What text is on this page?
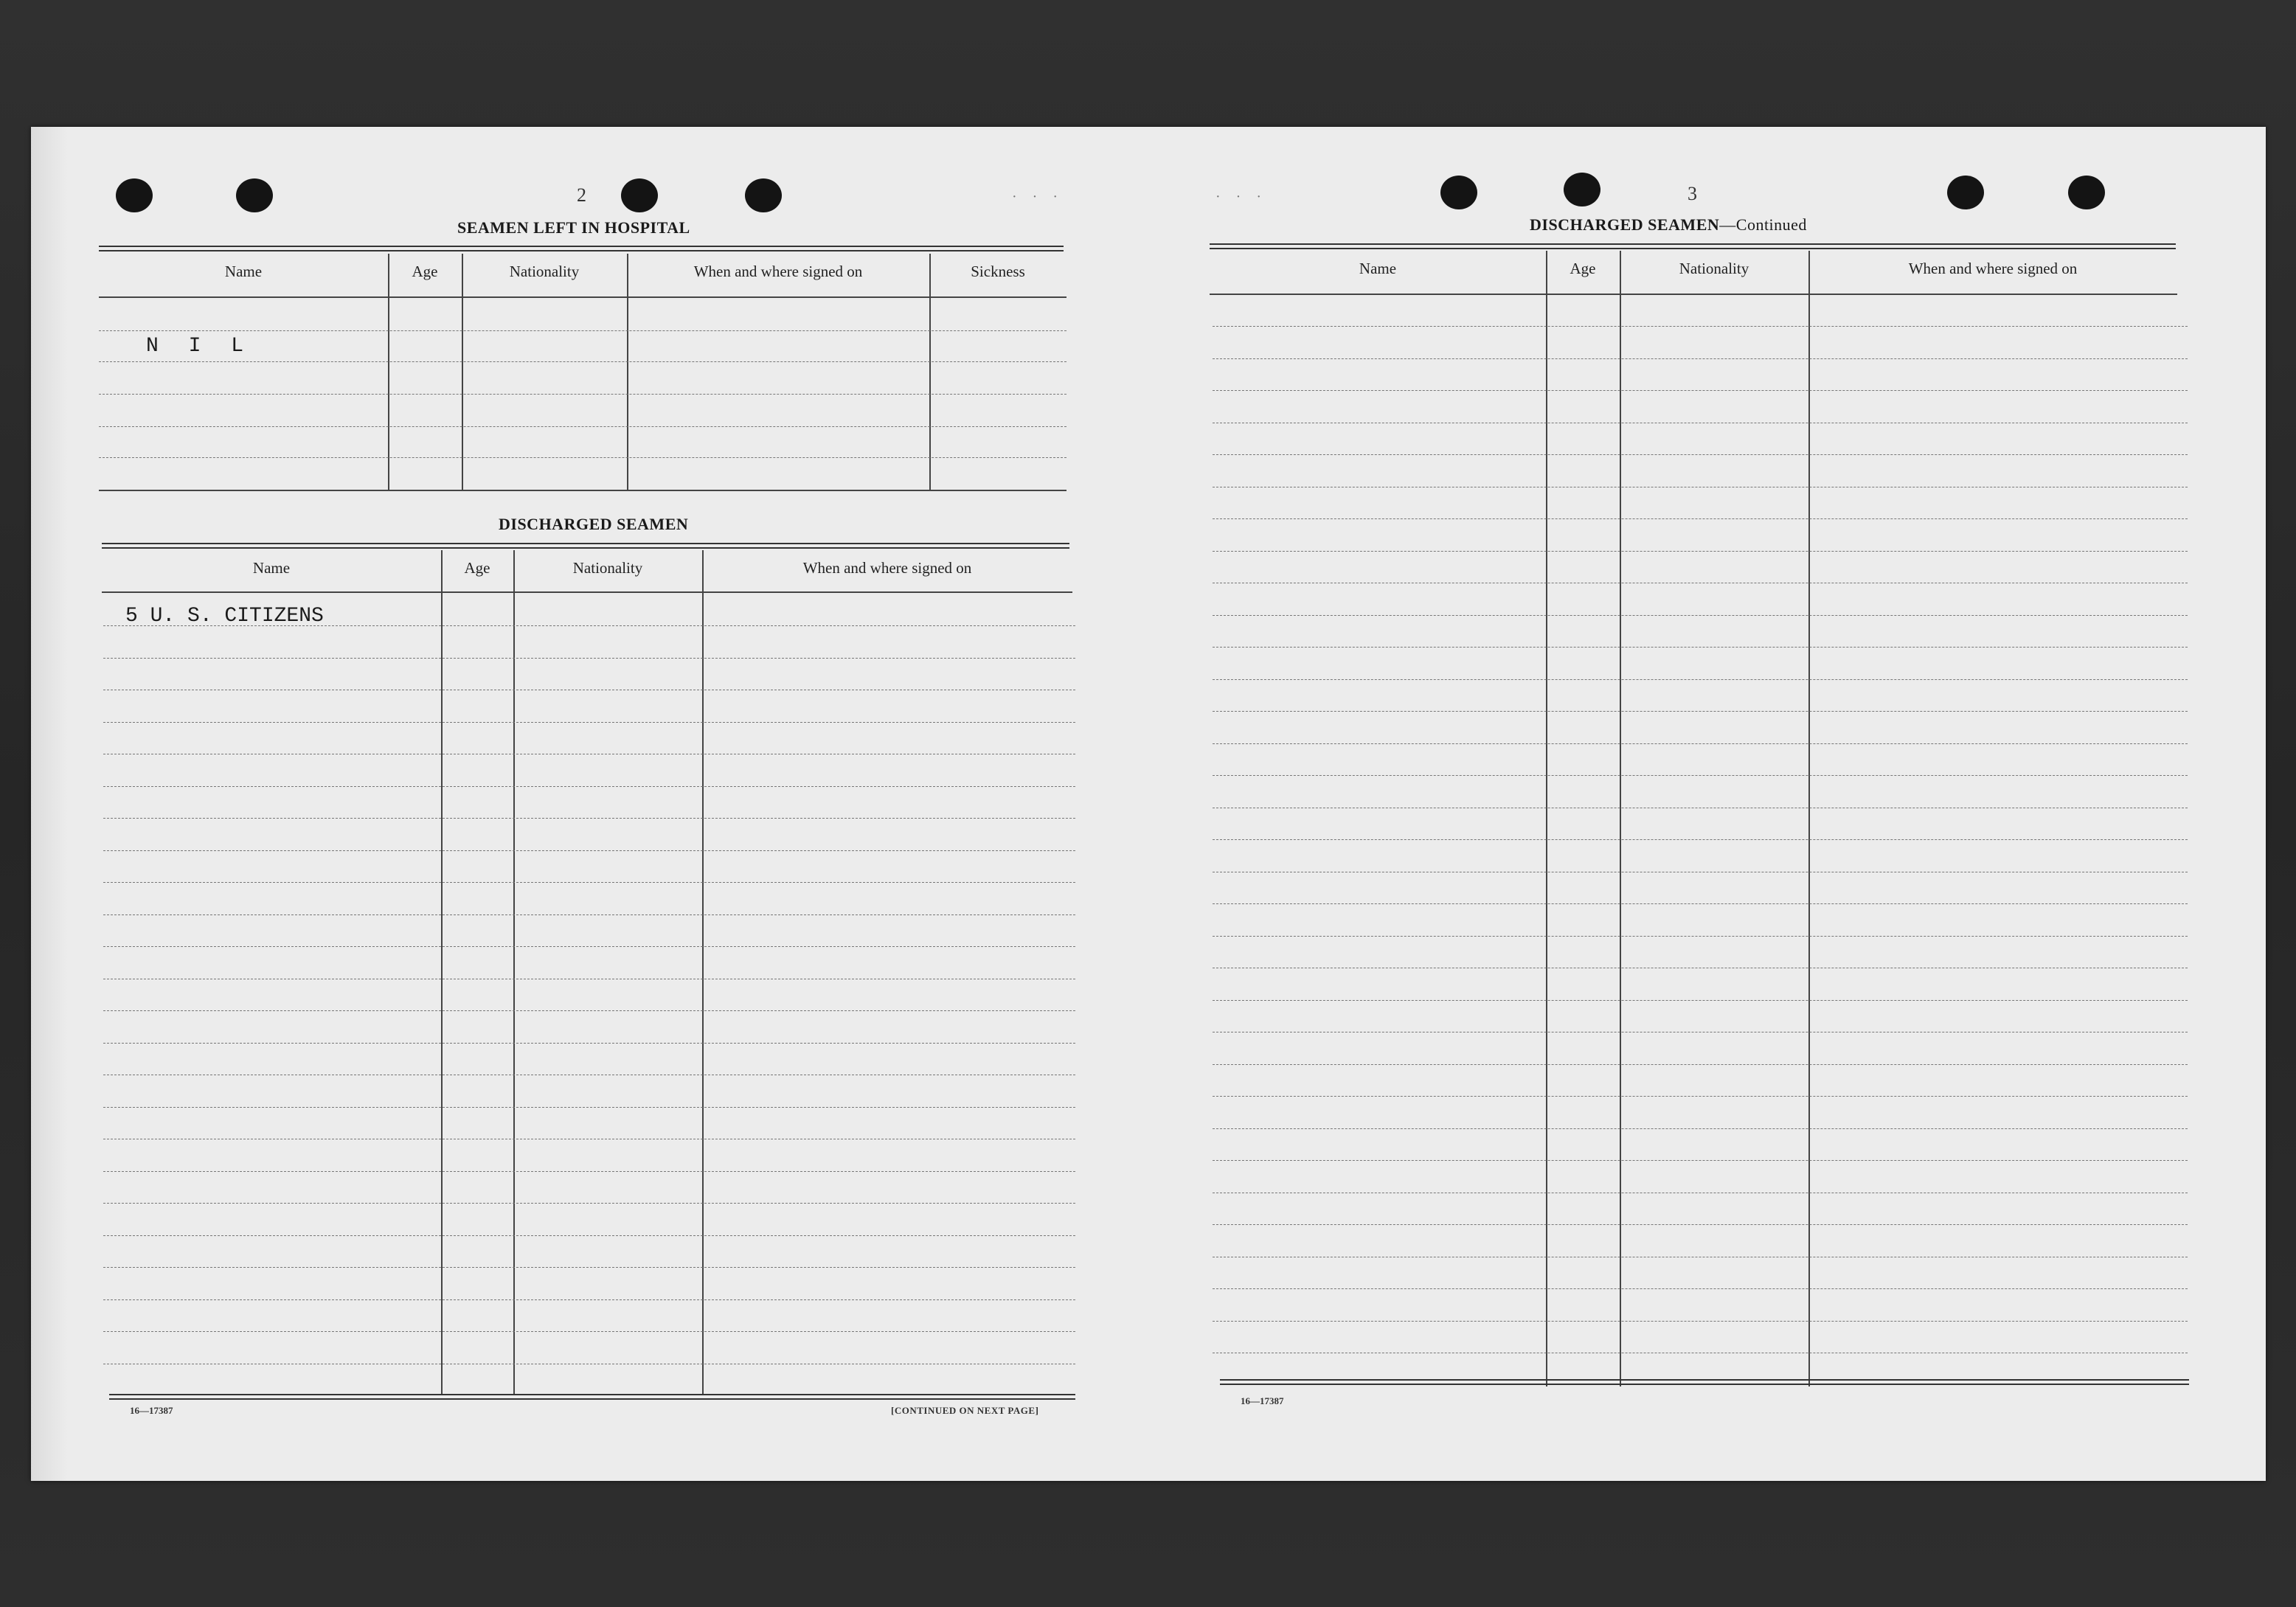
2
SEAMEN LEFT IN HOSPITAL
Name	Age	Nationality	When and where signed on	Sickness
N I L
DISCHARGED SEAMEN
Name	Age	Nationality	When and where signed on
5 U. S. CITIZENS
16—17387	[CONTINUED ON NEXT PAGE]
· · ·	· · ·	3
DISCHARGED SEAMEN—Continued
Name	Age	Nationality	When and where signed on
16—17387
